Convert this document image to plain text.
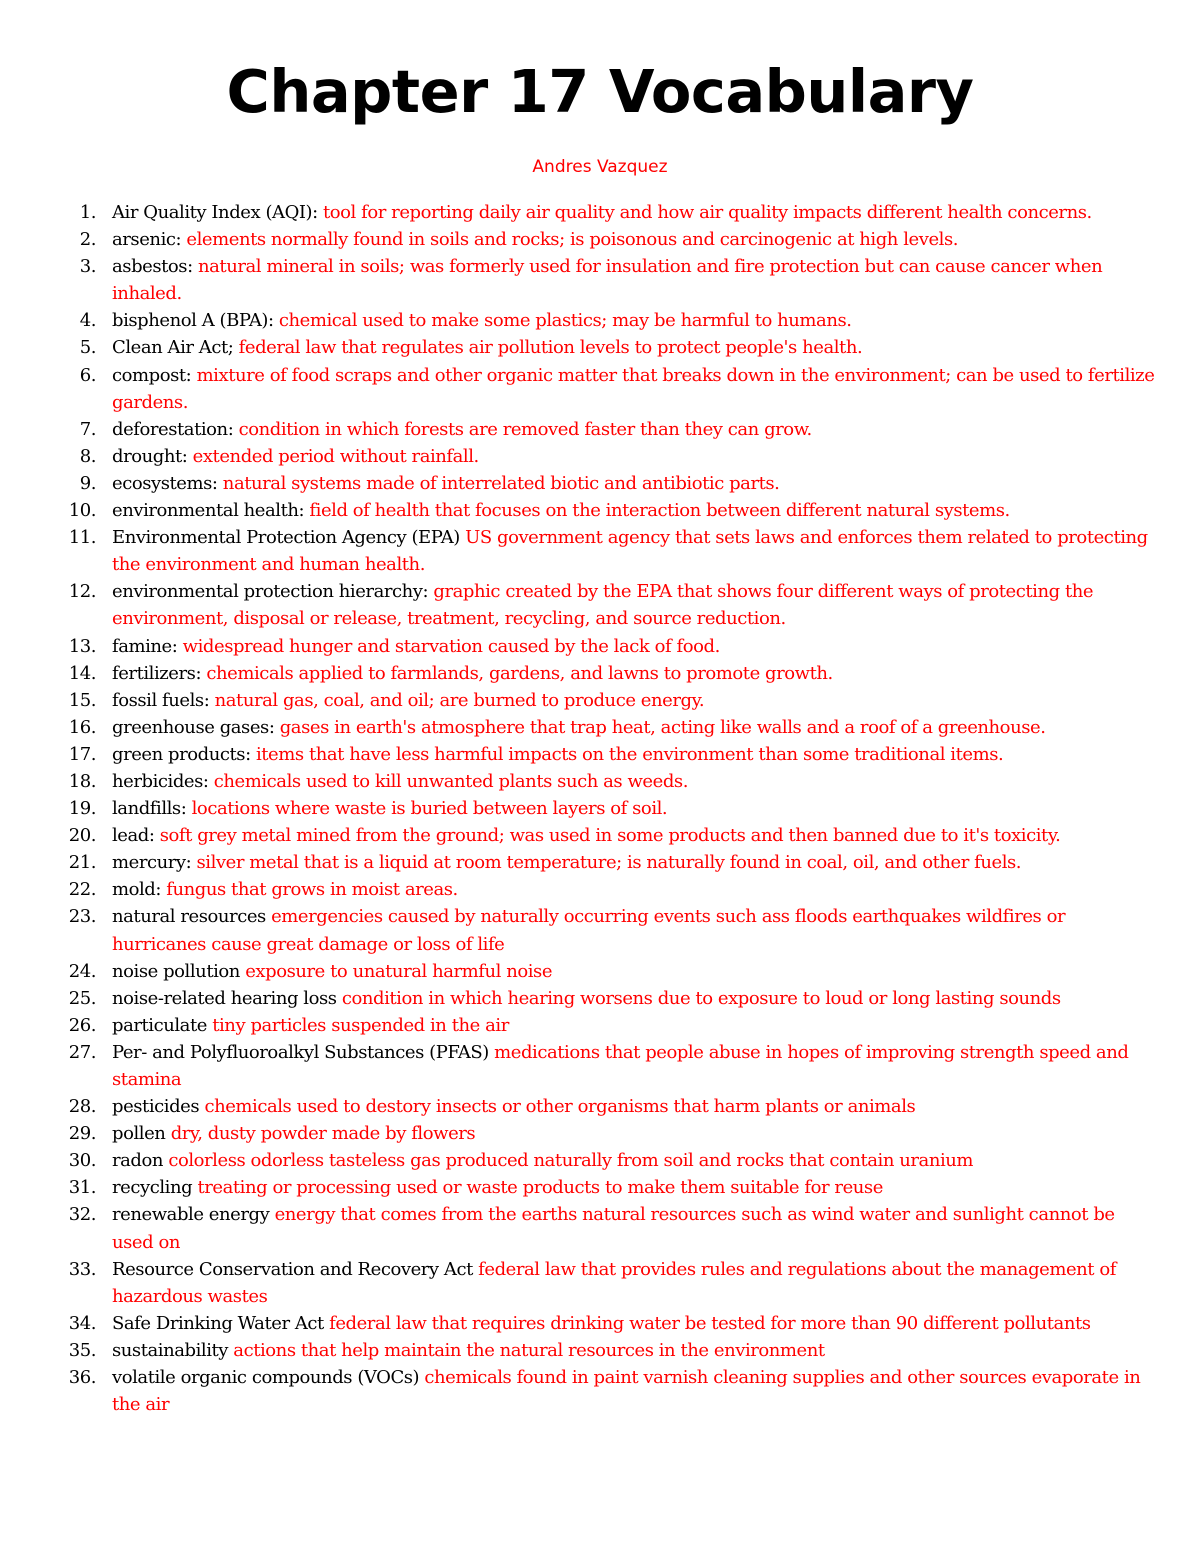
Chapter 17 Vocabulary

Andres Vazquez

1. Air Quality Index (AQI): tool for reporting daily air quality and how air quality impacts different health concerns.
2. arsenic: elements normally found in soils and rocks; is poisonous and carcinogenic at high levels.
3. asbestos: natural mineral in soils; was formerly used for insulation and fire protection but can cause cancer when inhaled.
4. bisphenol A (BPA): chemical used to make some plastics; may be harmful to humans.
5. Clean Air Act; federal law that regulates air pollution levels to protect people's health.
6. compost: mixture of food scraps and other organic matter that breaks down in the environment; can be used to fertilize gardens.
7. deforestation: condition in which forests are removed faster than they can grow.
8. drought: extended period without rainfall.
9. ecosystems: natural systems made of interrelated biotic and antibiotic parts.
10. environmental health: field of health that focuses on the interaction between different natural systems.
11. Environmental Protection Agency (EPA) US government agency that sets laws and enforces them related to protecting the environment and human health.
12. environmental protection hierarchy: graphic created by the EPA that shows four different ways of protecting the environment, disposal or release, treatment, recycling, and source reduction.
13. famine: widespread hunger and starvation caused by the lack of food.
14. fertilizers: chemicals applied to farmlands, gardens, and lawns to promote growth.
15. fossil fuels: natural gas, coal, and oil; are burned to produce energy.
16. greenhouse gases: gases in earth's atmosphere that trap heat, acting like walls and a roof of a greenhouse.
17. green products: items that have less harmful impacts on the environment than some traditional items.
18. herbicides: chemicals used to kill unwanted plants such as weeds.
19. landfills: locations where waste is buried between layers of soil.
20. lead: soft grey metal mined from the ground; was used in some products and then banned due to it's toxicity.
21. mercury: silver metal that is a liquid at room temperature; is naturally found in coal, oil, and other fuels.
22. mold: fungus that grows in moist areas.
23. natural resources emergencies caused by naturally occurring events such ass floods earthquakes wildfires or hurricanes cause great damage or loss of life
24. noise pollution exposure to unatural harmful noise
25. noise-related hearing loss condition in which hearing worsens due to exposure to loud or long lasting sounds
26. particulate tiny particles suspended in the air
27. Per- and Polyfluoroalkyl Substances (PFAS) medications that people abuse in hopes of improving strength speed and stamina
28. pesticides chemicals used to destory insects or other organisms that harm plants or animals
29. pollen dry, dusty powder made by flowers
30. radon colorless odorless tasteless gas produced naturally from soil and rocks that contain uranium
31. recycling treating or processing used or waste products to make them suitable for reuse
32. renewable energy energy that comes from the earths natural resources such as wind water and sunlight cannot be used on
33. Resource Conservation and Recovery Act federal law that provides rules and regulations about the management of hazardous wastes
34. Safe Drinking Water Act federal law that requires drinking water be tested for more than 90 different pollutants
35. sustainability actions that help maintain the natural resources in the environment
36. volatile organic compounds (VOCs) chemicals found in paint varnish cleaning supplies and other sources evaporate in the air
